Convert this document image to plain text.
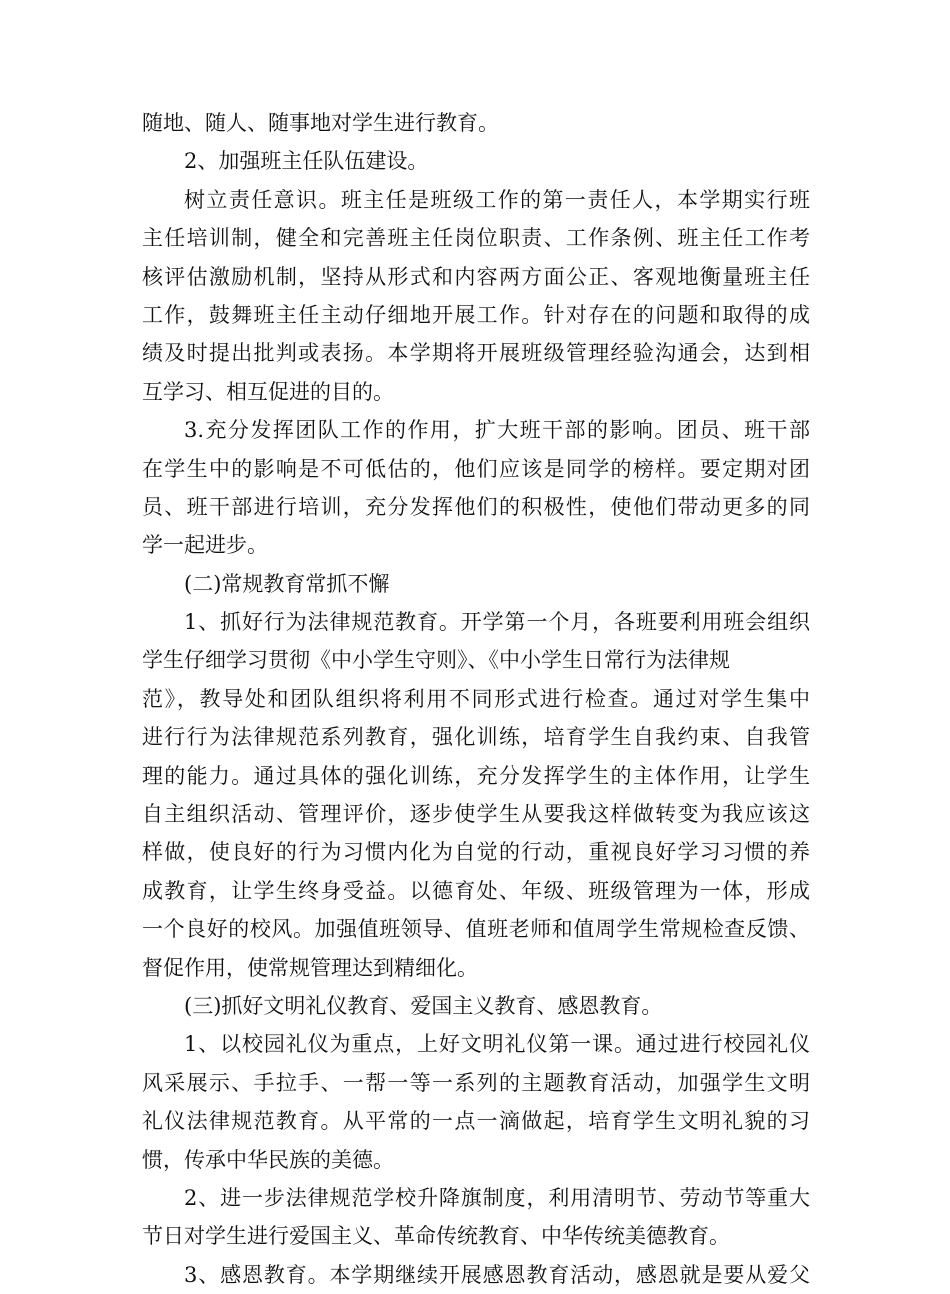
随地、随人、随事地对学生进行教育。
2、加强班主任队伍建设。
树立责任意识。班主任是班级工作的第一责任人，本学期实行班
主任培训制，健全和完善班主任岗位职责、工作条例、班主任工作考
核评估激励机制，坚持从形式和内容两方面公正、客观地衡量班主任
工作，鼓舞班主任主动仔细地开展工作。针对存在的问题和取得的成
绩及时提出批判或表扬。本学期将开展班级管理经验沟通会，达到相
互学习、相互促进的目的。
3.充分发挥团队工作的作用，扩大班干部的影响。团员、班干部
在学生中的影响是不可低估的，他们应该是同学的榜样。要定期对团
员、班干部进行培训，充分发挥他们的积极性，使他们带动更多的同
学一起进步。
(二)常规教育常抓不懈
1、抓好行为法律规范教育。开学第一个月，各班要利用班会组织
学生仔细学习贯彻《中小学生守则》、《中小学生日常行为法律规
范》，教导处和团队组织将利用不同形式进行检查。通过对学生集中
进行行为法律规范系列教育，强化训练，培育学生自我约束、自我管
理的能力。通过具体的强化训练，充分发挥学生的主体作用，让学生
自主组织活动、管理评价，逐步使学生从要我这样做转变为我应该这
样做，使良好的行为习惯内化为自觉的行动，重视良好学习习惯的养
成教育，让学生终身受益。以德育处、年级、班级管理为一体，形成
一个良好的校风。加强值班领导、值班老师和值周学生常规检查反馈、
督促作用，使常规管理达到精细化。
(三)抓好文明礼仪教育、爱国主义教育、感恩教育。
1、以校园礼仪为重点，上好文明礼仪第一课。通过进行校园礼仪
风采展示、手拉手、一帮一等一系列的主题教育活动，加强学生文明
礼仪法律规范教育。从平常的一点一滴做起，培育学生文明礼貌的习
惯，传承中华民族的美德。
2、进一步法律规范学校升降旗制度，利用清明节、劳动节等重大
节日对学生进行爱国主义、革命传统教育、中华传统美德教育。
3、感恩教育。本学期继续开展感恩教育活动，感恩就是要从爱父
